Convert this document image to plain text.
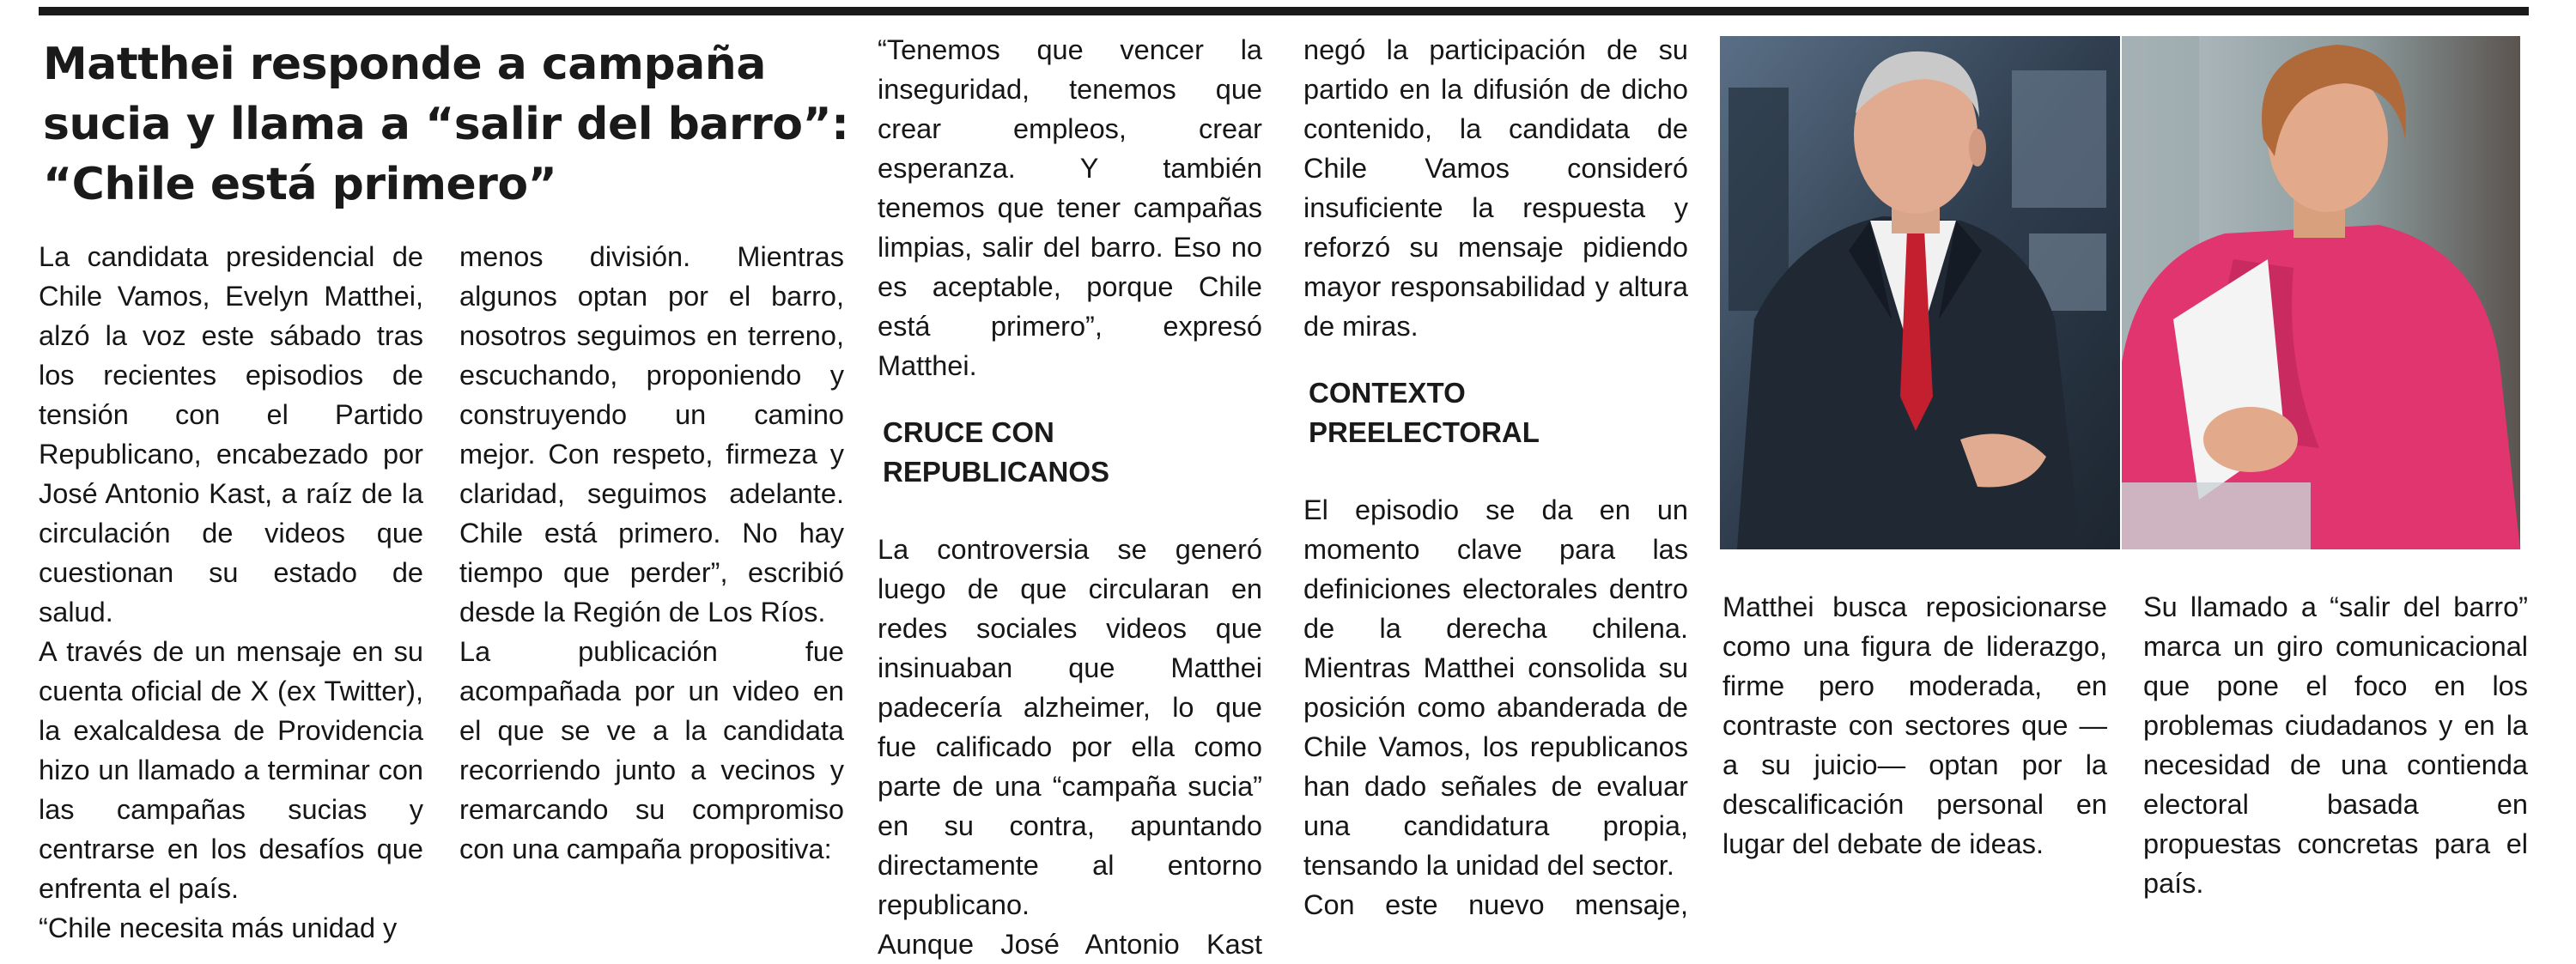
Matthei responde a campaña sucia y llama a “salir del barro”: “Chile está primero”

La candidata presidencial de Chile Vamos, Evelyn Matthei, alzó la voz este sábado tras los recientes episodios de tensión con el Partido Republicano, encabezado por José Antonio Kast, a raíz de la circulación de videos que cuestionan su estado de salud.

A través de un mensaje en su cuenta oficial de X (ex Twitter), la exalcaldesa de Providencia hizo un llamado a terminar con las campañas sucias y centrarse en los desafíos que enfrenta el país.

“Chile necesita más unidad y

menos división. Mientras algunos optan por el barro, nosotros seguimos en terreno, escuchando, proponiendo y construyendo un camino mejor. Con respeto, firmeza y claridad, seguimos adelante. Chile está primero. No hay tiempo que perder”, escribió desde la Región de Los Ríos.

La publicación fue acompañada por un video en el que se ve a la candidata recorriendo junto a vecinos y remarcando su compromiso con una campaña propositiva:

“Tenemos que vencer la inseguridad, tenemos que crear empleos, crear esperanza. Y también tenemos que tener campañas limpias, salir del barro. Eso no es aceptable, porque Chile está primero”, expresó Matthei.

CRUCE CON REPUBLICANOS

La controversia se generó luego de que circularan en redes sociales videos que insinuaban que Matthei padecería alzheimer, lo que fue calificado por ella como parte de una “campaña sucia” en su contra, apuntando directamente al entorno republicano.

Aunque José Antonio Kast

negó la participación de su partido en la difusión de dicho contenido, la candidata de Chile Vamos consideró insuficiente la respuesta y reforzó su mensaje pidiendo mayor responsabilidad y altura de miras.

CONTEXTO PREELECTORAL

El episodio se da en un momento clave para las definiciones electorales dentro de la derecha chilena. Mientras Matthei consolida su posición como abanderada de Chile Vamos, los republicanos han dado señales de evaluar una candidatura propia, tensando la unidad del sector.

Con este nuevo mensaje,

Matthei busca reposicionarse como una figura de liderazgo, firme pero moderada, en contraste con sectores que —a su juicio— optan por la descalificación personal en lugar del debate de ideas.

Su llamado a “salir del barro” marca un giro comunicacional que pone el foco en los problemas ciudadanos y en la necesidad de una contienda electoral basada en propuestas concretas para el país.
